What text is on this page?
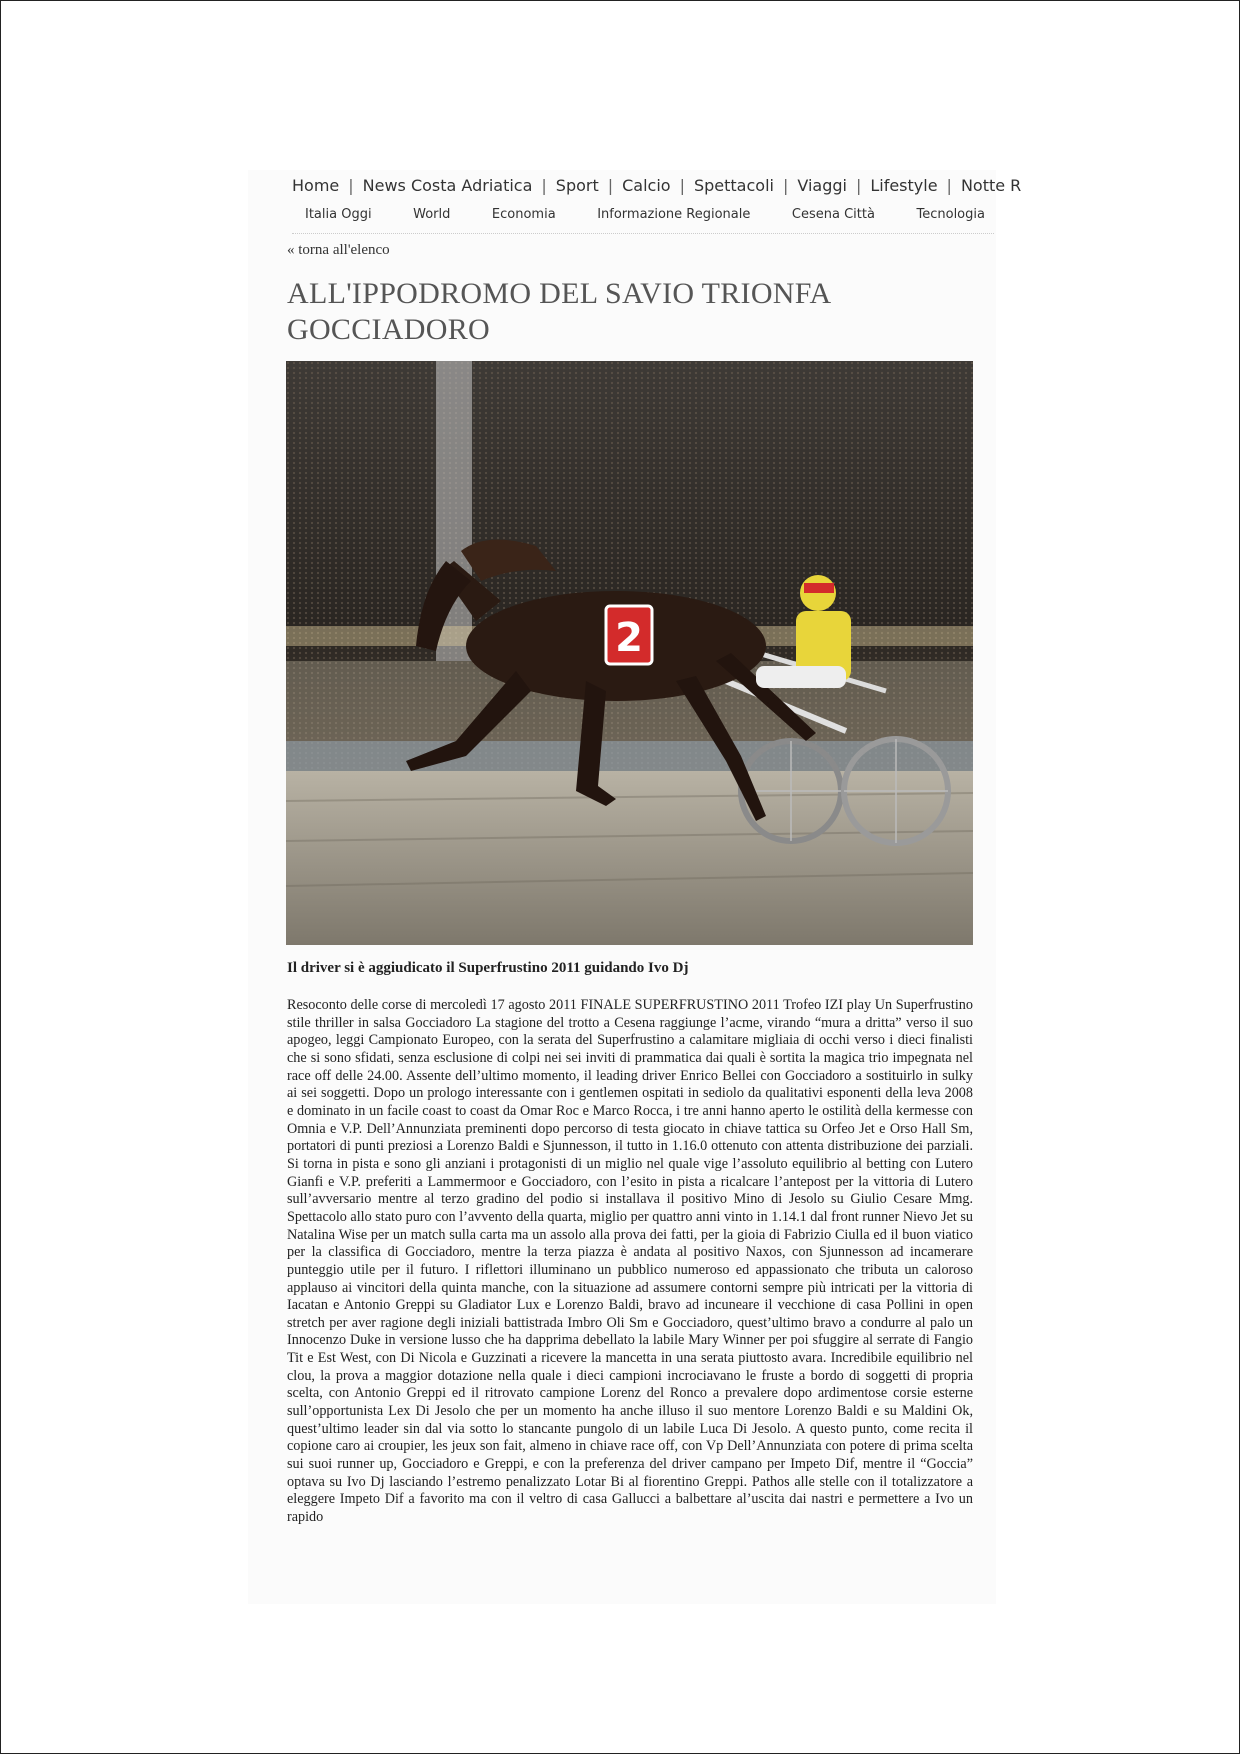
Home | News Costa Adriatica | Sport | Calcio | Spettacoli | Viaggi | Lifestyle | Notte R
Italia Oggi	World	Economia	Informazione Regionale	Cesena Città	Tecnologia
« torna all'elenco
ALL'IPPODROMO DEL SAVIO TRIONFA GOCCIADORO
2
Il driver si è aggiudicato il Superfrustino 2011 guidando Ivo Dj

Resoconto delle corse di mercoledì 17 agosto 2011 FINALE SUPERFRUSTINO 2011 Trofeo IZI play Un Superfrustino stile thriller in salsa Gocciadoro La stagione del trotto a Cesena raggiunge l’acme, virando “mura a dritta” verso il suo apogeo, leggi Campionato Europeo, con la serata del Superfrustino a calamitare migliaia di occhi verso i dieci finalisti che si sono sfidati, senza esclusione di colpi nei sei inviti di prammatica dai quali è sortita la magica trio impegnata nel race off delle 24.00. Assente dell’ultimo momento, il leading driver Enrico Bellei con Gocciadoro a sostituirlo in sulky ai sei soggetti. Dopo un prologo interessante con i gentlemen ospitati in sediolo da qualitativi esponenti della leva 2008 e dominato in un facile coast to coast da Omar Roc e Marco Rocca, i tre anni hanno aperto le ostilità della kermesse con Omnia e V.P. Dell’Annunziata preminenti dopo percorso di testa giocato in chiave tattica su Orfeo Jet e Orso Hall Sm, portatori di punti preziosi a Lorenzo Baldi e Sjunnesson, il tutto in 1.16.0 ottenuto con attenta distribuzione dei parziali. Si torna in pista e sono gli anziani i protagonisti di un miglio nel quale vige l’assoluto equilibrio al betting con Lutero Gianfi e V.P. preferiti a Lammermoor e Gocciadoro, con l’esito in pista a ricalcare l’antepost per la vittoria di Lutero sull’avversario mentre al terzo gradino del podio si installava il positivo Mino di Jesolo su Giulio Cesare Mmg. Spettacolo allo stato puro con l’avvento della quarta, miglio per quattro anni vinto in 1.14.1 dal front runner Nievo Jet su Natalina Wise per un match sulla carta ma un assolo alla prova dei fatti, per la gioia di Fabrizio Ciulla ed il buon viatico per la classifica di Gocciadoro, mentre la terza piazza è andata al positivo Naxos, con Sjunnesson ad incamerare punteggio utile per il futuro. I riflettori illuminano un pubblico numeroso ed appassionato che tributa un caloroso applauso ai vincitori della quinta manche, con la situazione ad assumere contorni sempre più intricati per la vittoria di Iacatan e Antonio Greppi su Gladiator Lux e Lorenzo Baldi, bravo ad incuneare il vecchione di casa Pollini in open stretch per aver ragione degli iniziali battistrada Imbro Oli Sm e Gocciadoro, quest’ultimo bravo a condurre al palo un Innocenzo Duke in versione lusso che ha dapprima debellato la labile Mary Winner per poi sfuggire al serrate di Fangio Tit e Est West, con Di Nicola e Guzzinati a ricevere la mancetta in una serata piuttosto avara. Incredibile equilibrio nel clou, la prova a maggior dotazione nella quale i dieci campioni incrociavano le fruste a bordo di soggetti di propria scelta, con Antonio Greppi ed il ritrovato campione Lorenz del Ronco a prevalere dopo ardimentose corsie esterne sull’opportunista Lex Di Jesolo che per un momento ha anche illuso il suo mentore Lorenzo Baldi e su Maldini Ok, quest’ultimo leader sin dal via sotto lo stancante pungolo di un labile Luca Di Jesolo. A questo punto, come recita il copione caro ai croupier, les jeux son fait, almeno in chiave race off, con Vp Dell’Annunziata con potere di prima scelta sui suoi runner up, Gocciadoro e Greppi, e con la preferenza del driver campano per Impeto Dif, mentre il “Goccia” optava su Ivo Dj lasciando l’estremo penalizzato Lotar Bi al fiorentino Greppi. Pathos alle stelle con il totalizzatore a eleggere Impeto Dif a favorito ma con il veltro di casa Gallucci a balbettare al’uscita dai nastri e permettere a Ivo un rapido
